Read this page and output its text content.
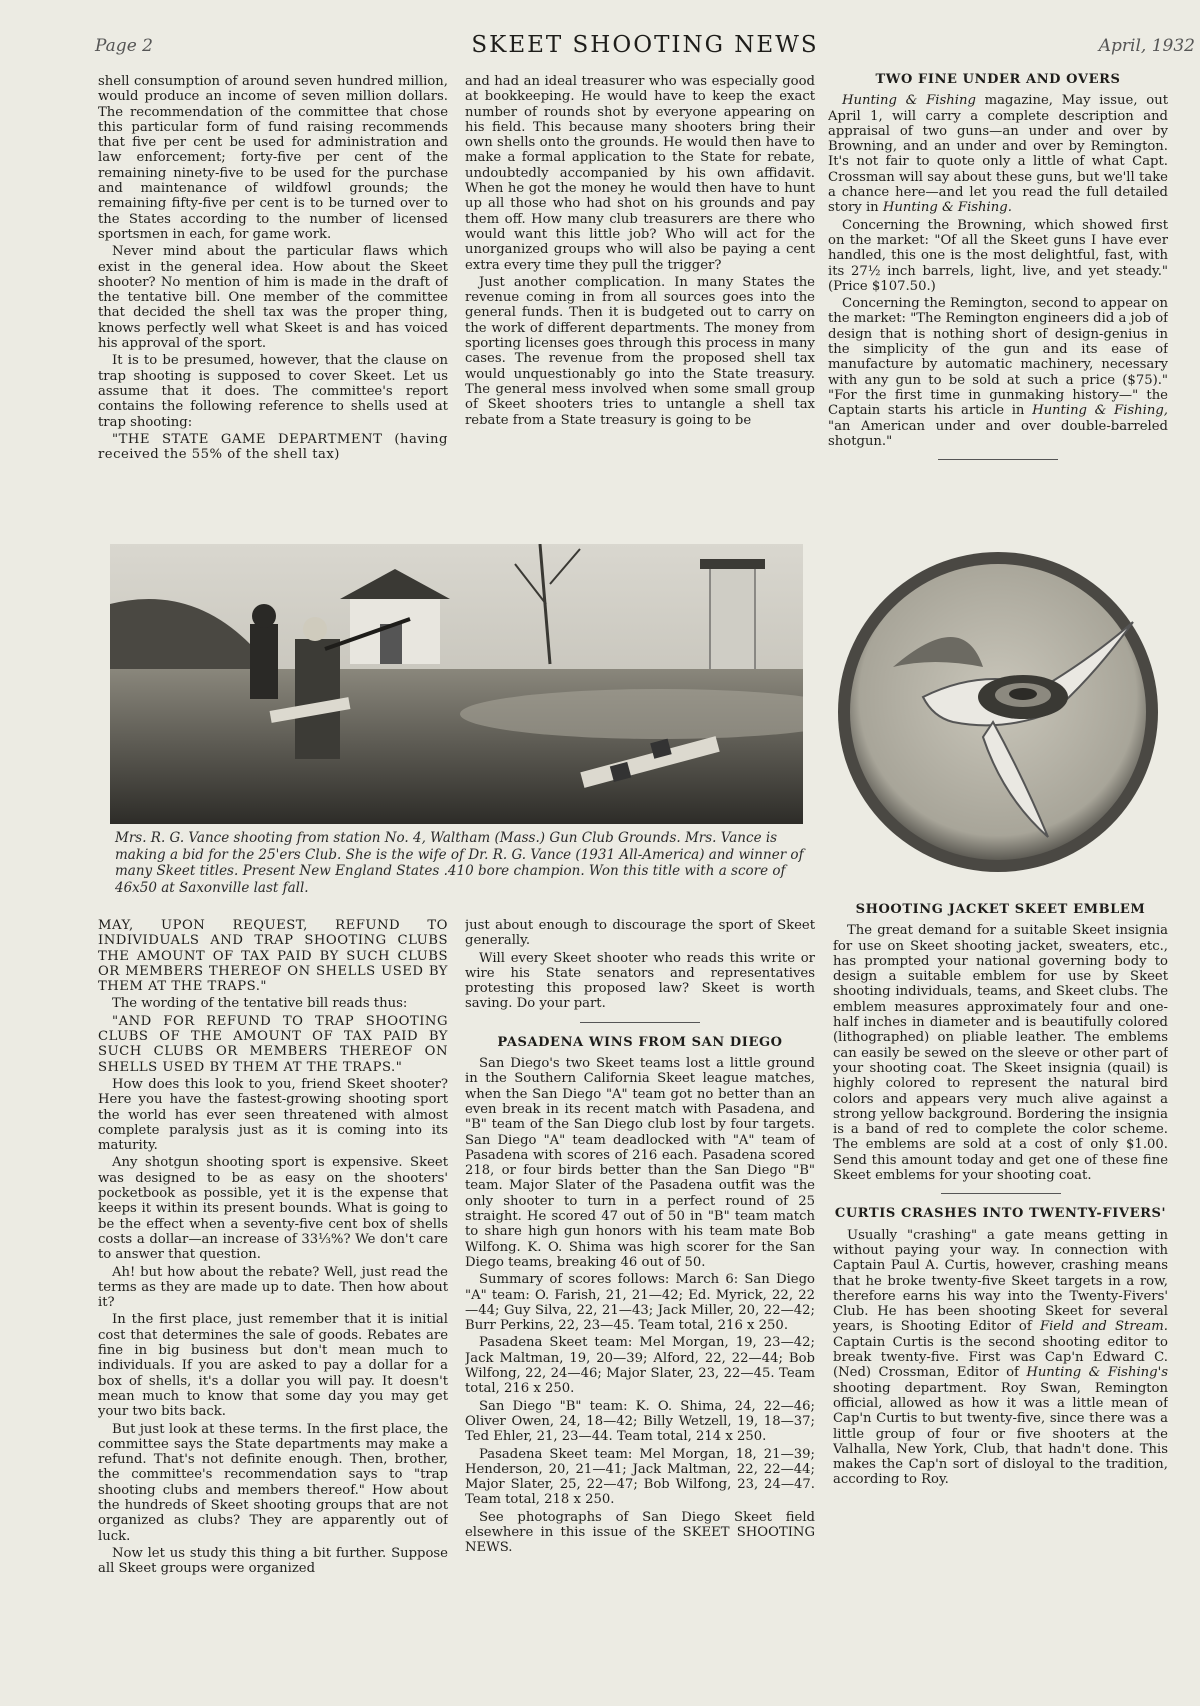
Page 2	SKEET SHOOTING NEWS	April, 1932

shell consumption of around seven hundred million, would produce an income of seven million dollars. The recommendation of the committee that chose this particular form of fund raising recommends that five per cent be used for administration and law enforcement; forty-five per cent of the remaining ninety-five to be used for the purchase and maintenance of wildfowl grounds; the remaining fifty-five per cent is to be turned over to the States according to the number of licensed sportsmen in each, for game work.

Never mind about the particular flaws which exist in the general idea. How about the Skeet shooter? No mention of him is made in the draft of the tentative bill. One member of the committee that decided the shell tax was the proper thing, knows perfectly well what Skeet is and has voiced his approval of the sport.

It is to be presumed, however, that the clause on trap shooting is supposed to cover Skeet. Let us assume that it does. The committee's report contains the following reference to shells used at trap shooting:

"THE STATE GAME DEPARTMENT (having received the 55% of the shell tax)

and had an ideal treasurer who was especially good at bookkeeping. He would have to keep the exact number of rounds shot by everyone appearing on his field. This because many shooters bring their own shells onto the grounds. He would then have to make a formal application to the State for rebate, undoubtedly accompanied by his own affidavit. When he got the money he would then have to hunt up all those who had shot on his grounds and pay them off. How many club treasurers are there who would want this little job? Who will act for the unorganized groups who will also be paying a cent extra every time they pull the trigger?

Just another complication. In many States the revenue coming in from all sources goes into the general funds. Then it is budgeted out to carry on the work of different departments. The money from sporting licenses goes through this process in many cases. The revenue from the proposed shell tax would unquestionably go into the State treasury. The general mess involved when some small group of Skeet shooters tries to untangle a shell tax rebate from a State treasury is going to be

TWO FINE UNDER AND OVERS

Hunting & Fishing magazine, May issue, out April 1, will carry a complete description and appraisal of two guns—an under and over by Browning, and an under and over by Remington. It's not fair to quote only a little of what Capt. Crossman will say about these guns, but we'll take a chance here—and let you read the full detailed story in Hunting & Fishing.

Concerning the Browning, which showed first on the market: "Of all the Skeet guns I have ever handled, this one is the most delightful, fast, with its 27½ inch barrels, light, live, and yet steady." (Price $107.50.)

Concerning the Remington, second to appear on the market: "The Remington engineers did a job of design that is nothing short of design-genius in the simplicity of the gun and its ease of manufacture by automatic machinery, necessary with any gun to be sold at such a price ($75)." "For the first time in gunmaking history—" the Captain starts his article in Hunting & Fishing, "an American under and over double-barreled shotgun."

Mrs. R. G. Vance shooting from station No. 4, Waltham (Mass.) Gun Club Grounds. Mrs. Vance is making a bid for the 25'ers Club. She is the wife of Dr. R. G. Vance (1931 All-America) and winner of many Skeet titles. Present New England States .410 bore champion. Won this title with a score of 46x50 at Saxonville last fall.

MAY, UPON REQUEST, REFUND TO INDIVIDUALS AND TRAP SHOOTING CLUBS THE AMOUNT OF TAX PAID BY SUCH CLUBS OR MEMBERS THEREOF ON SHELLS USED BY THEM AT THE TRAPS."

The wording of the tentative bill reads thus:

"AND FOR REFUND TO TRAP SHOOTING CLUBS OF THE AMOUNT OF TAX PAID BY SUCH CLUBS OR MEMBERS THEREOF ON SHELLS USED BY THEM AT THE TRAPS."

How does this look to you, friend Skeet shooter? Here you have the fastest-growing shooting sport the world has ever seen threatened with almost complete paralysis just as it is coming into its maturity.

Any shotgun shooting sport is expensive. Skeet was designed to be as easy on the shooters' pocketbook as possible, yet it is the expense that keeps it within its present bounds. What is going to be the effect when a seventy-five cent box of shells costs a dollar—an increase of 33⅓%? We don't care to answer that question.

Ah! but how about the rebate? Well, just read the terms as they are made up to date. Then how about it?

In the first place, just remember that it is initial cost that determines the sale of goods. Rebates are fine in big business but don't mean much to individuals. If you are asked to pay a dollar for a box of shells, it's a dollar you will pay. It doesn't mean much to know that some day you may get your two bits back.

But just look at these terms. In the first place, the committee says the State departments may make a refund. That's not definite enough. Then, brother, the committee's recommendation says to "trap shooting clubs and members thereof." How about the hundreds of Skeet shooting groups that are not organized as clubs? They are apparently out of luck.

Now let us study this thing a bit further. Suppose all Skeet groups were organized

just about enough to discourage the sport of Skeet generally.

Will every Skeet shooter who reads this write or wire his State senators and representatives protesting this proposed law? Skeet is worth saving. Do your part.

PASADENA WINS FROM SAN DIEGO

San Diego's two Skeet teams lost a little ground in the Southern California Skeet league matches, when the San Diego "A" team got no better than an even break in its recent match with Pasadena, and "B" team of the San Diego club lost by four targets. San Diego "A" team deadlocked with "A" team of Pasadena with scores of 216 each. Pasadena scored 218, or four birds better than the San Diego "B" team. Major Slater of the Pasadena outfit was the only shooter to turn in a perfect round of 25 straight. He scored 47 out of 50 in "B" team match to share high gun honors with his team mate Bob Wilfong. K. O. Shima was high scorer for the San Diego teams, breaking 46 out of 50.

Summary of scores follows: March 6: San Diego "A" team: O. Farish, 21, 21—42; Ed. Myrick, 22, 22—44; Guy Silva, 22, 21—43; Jack Miller, 20, 22—42; Burr Perkins, 22, 23—45. Team total, 216 x 250.

Pasadena Skeet team: Mel Morgan, 19, 23—42; Jack Maltman, 19, 20—39; Alford, 22, 22—44; Bob Wilfong, 22, 24—46; Major Slater, 23, 22—45. Team total, 216 x 250.

San Diego "B" team: K. O. Shima, 24, 22—46; Oliver Owen, 24, 18—42; Billy Wetzell, 19, 18—37; Ted Ehler, 21, 23—44. Team total, 214 x 250.

Pasadena Skeet team: Mel Morgan, 18, 21—39; Henderson, 20, 21—41; Jack Maltman, 22, 22—44; Major Slater, 25, 22—47; Bob Wilfong, 23, 24—47. Team total, 218 x 250.

See photographs of San Diego Skeet field elsewhere in this issue of the SKEET SHOOTING NEWS.

SHOOTING JACKET SKEET EMBLEM

The great demand for a suitable Skeet insignia for use on Skeet shooting jacket, sweaters, etc., has prompted your national governing body to design a suitable emblem for use by Skeet shooting individuals, teams, and Skeet clubs. The emblem measures approximately four and one-half inches in diameter and is beautifully colored (lithographed) on pliable leather. The emblems can easily be sewed on the sleeve or other part of your shooting coat. The Skeet insignia (quail) is highly colored to represent the natural bird colors and appears very much alive against a strong yellow background. Bordering the insignia is a band of red to complete the color scheme. The emblems are sold at a cost of only $1.00. Send this amount today and get one of these fine Skeet emblems for your shooting coat.

CURTIS CRASHES INTO TWENTY-FIVERS'

Usually "crashing" a gate means getting in without paying your way. In connection with Captain Paul A. Curtis, however, crashing means that he broke twenty-five Skeet targets in a row, therefore earns his way into the Twenty-Fivers' Club. He has been shooting Skeet for several years, is Shooting Editor of Field and Stream. Captain Curtis is the second shooting editor to break twenty-five. First was Cap'n Edward C. (Ned) Crossman, Editor of Hunting & Fishing's shooting department. Roy Swan, Remington official, allowed as how it was a little mean of Cap'n Curtis to but twenty-five, since there was a little group of four or five shooters at the Valhalla, New York, Club, that hadn't done. This makes the Cap'n sort of disloyal to the tradition, according to Roy.
